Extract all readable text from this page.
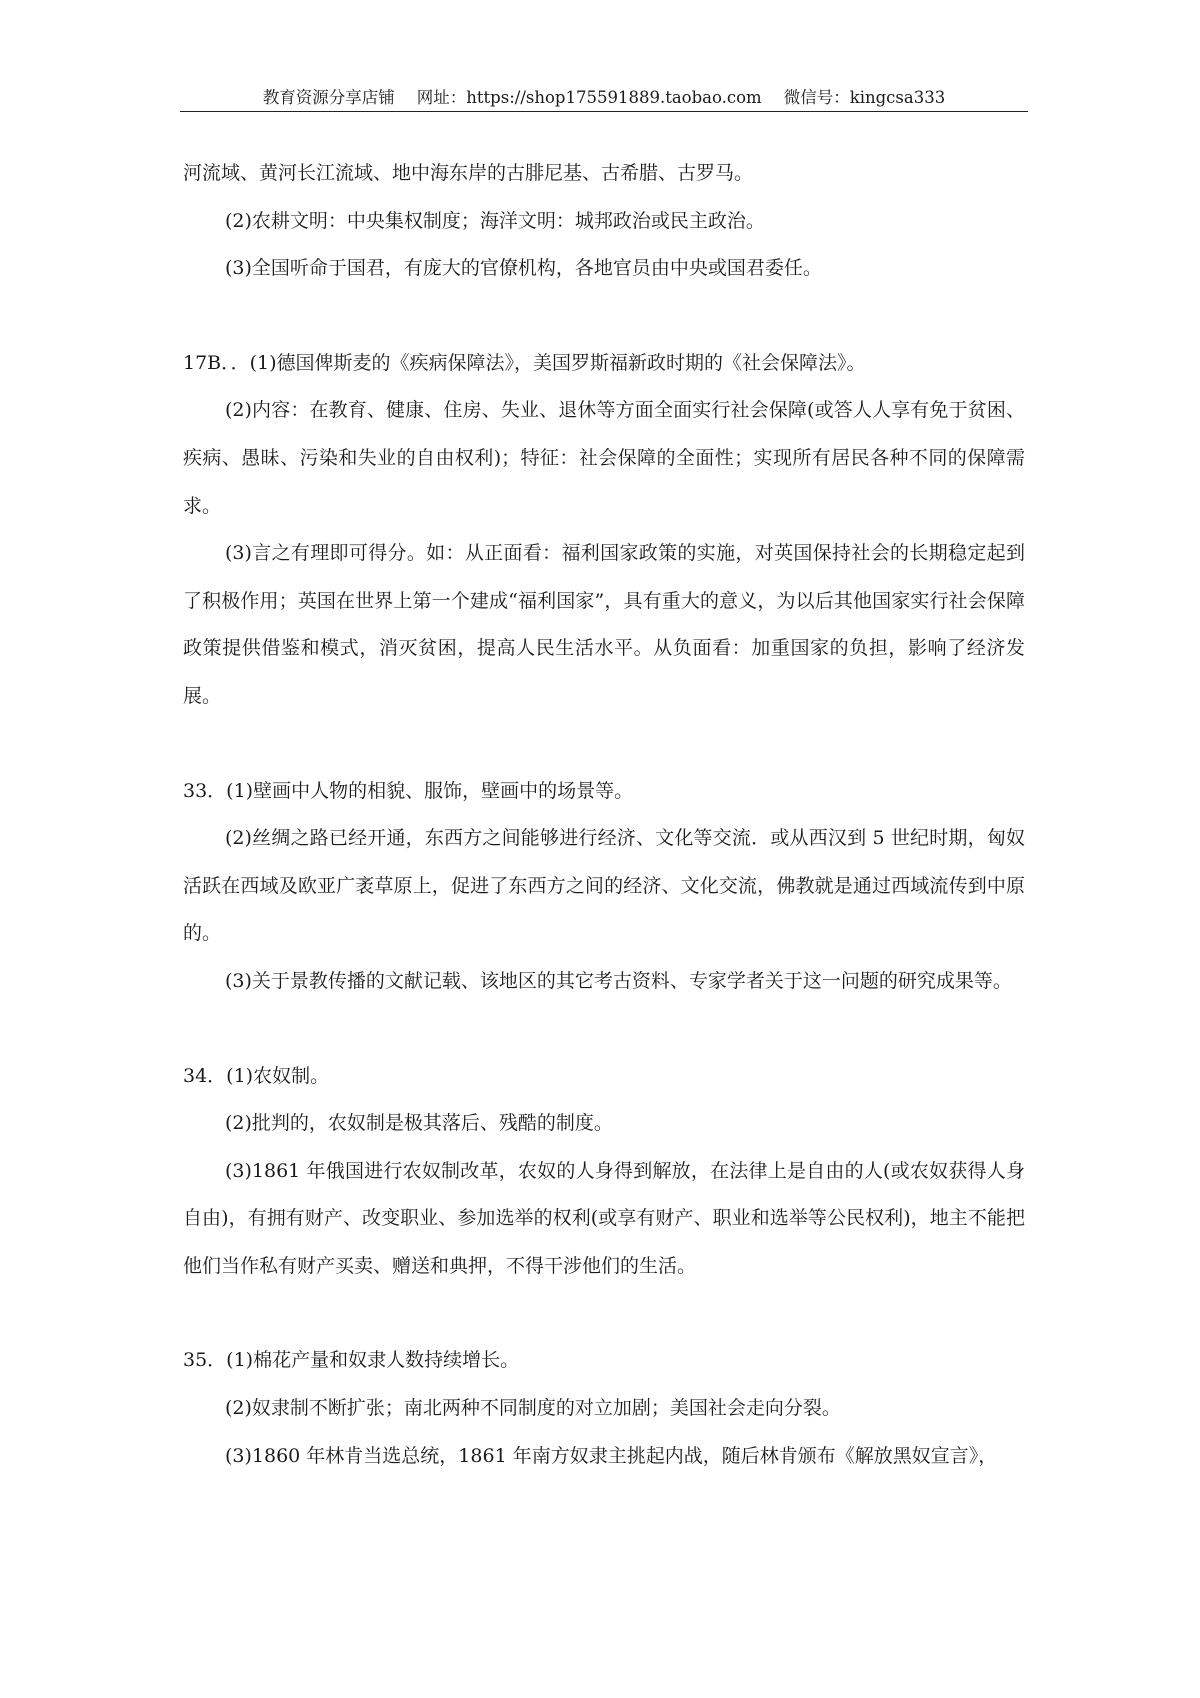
教育资源分享店铺 网址：https://shop175591889.taobao.com 微信号：kingcsa333

河流域、黄河长江流域、地中海东岸的古腓尼基、古希腊、古罗马。

(2)农耕文明：中央集权制度；海洋文明：城邦政治或民主政治。

(3)全国听命于国君，有庞大的官僚机构，各地官员由中央或国君委任。

17B．．(1)德国俾斯麦的《疾病保障法》，美国罗斯福新政时期的《社会保障法》。

(2)内容：在教育、健康、住房、失业、退休等方面全面实行社会保障(或答人人享有免于贫困、疾病、愚昧、污染和失业的自由权利)；特征：社会保障的全面性；实现所有居民各种不同的保障需求。

(3)言之有理即可得分。如：从正面看：福利国家政策的实施，对英国保持社会的长期稳定起到了积极作用；英国在世界上第一个建成“福利国家”，具有重大的意义，为以后其他国家实行社会保障政策提供借鉴和模式，消灭贫困，提高人民生活水平。从负面看：加重国家的负担，影响了经济发展。

33．(1)壁画中人物的相貌、服饰，壁画中的场景等。

(2)丝绸之路已经开通，东西方之间能够进行经济、文化等交流．或从西汉到 5 世纪时期，匈奴活跃在西域及欧亚广袤草原上，促进了东西方之间的经济、文化交流，佛教就是通过西域流传到中原的。

(3)关于景教传播的文献记载、该地区的其它考古资料、专家学者关于这一问题的研究成果等。

34．(1)农奴制。

(2)批判的，农奴制是极其落后、残酷的制度。

(3)1861 年俄国进行农奴制改革，农奴的人身得到解放，在法律上是自由的人(或农奴获得人身自由)，有拥有财产、改变职业、参加选举的权利(或享有财产、职业和选举等公民权利)，地主不能把他们当作私有财产买卖、赠送和典押，不得干涉他们的生活。

35．(1)棉花产量和奴隶人数持续增长。

(2)奴隶制不断扩张；南北两种不同制度的对立加剧；美国社会走向分裂。

(3)1860 年林肯当选总统，1861 年南方奴隶主挑起内战，随后林肯颁布《解放黑奴宣言》，
